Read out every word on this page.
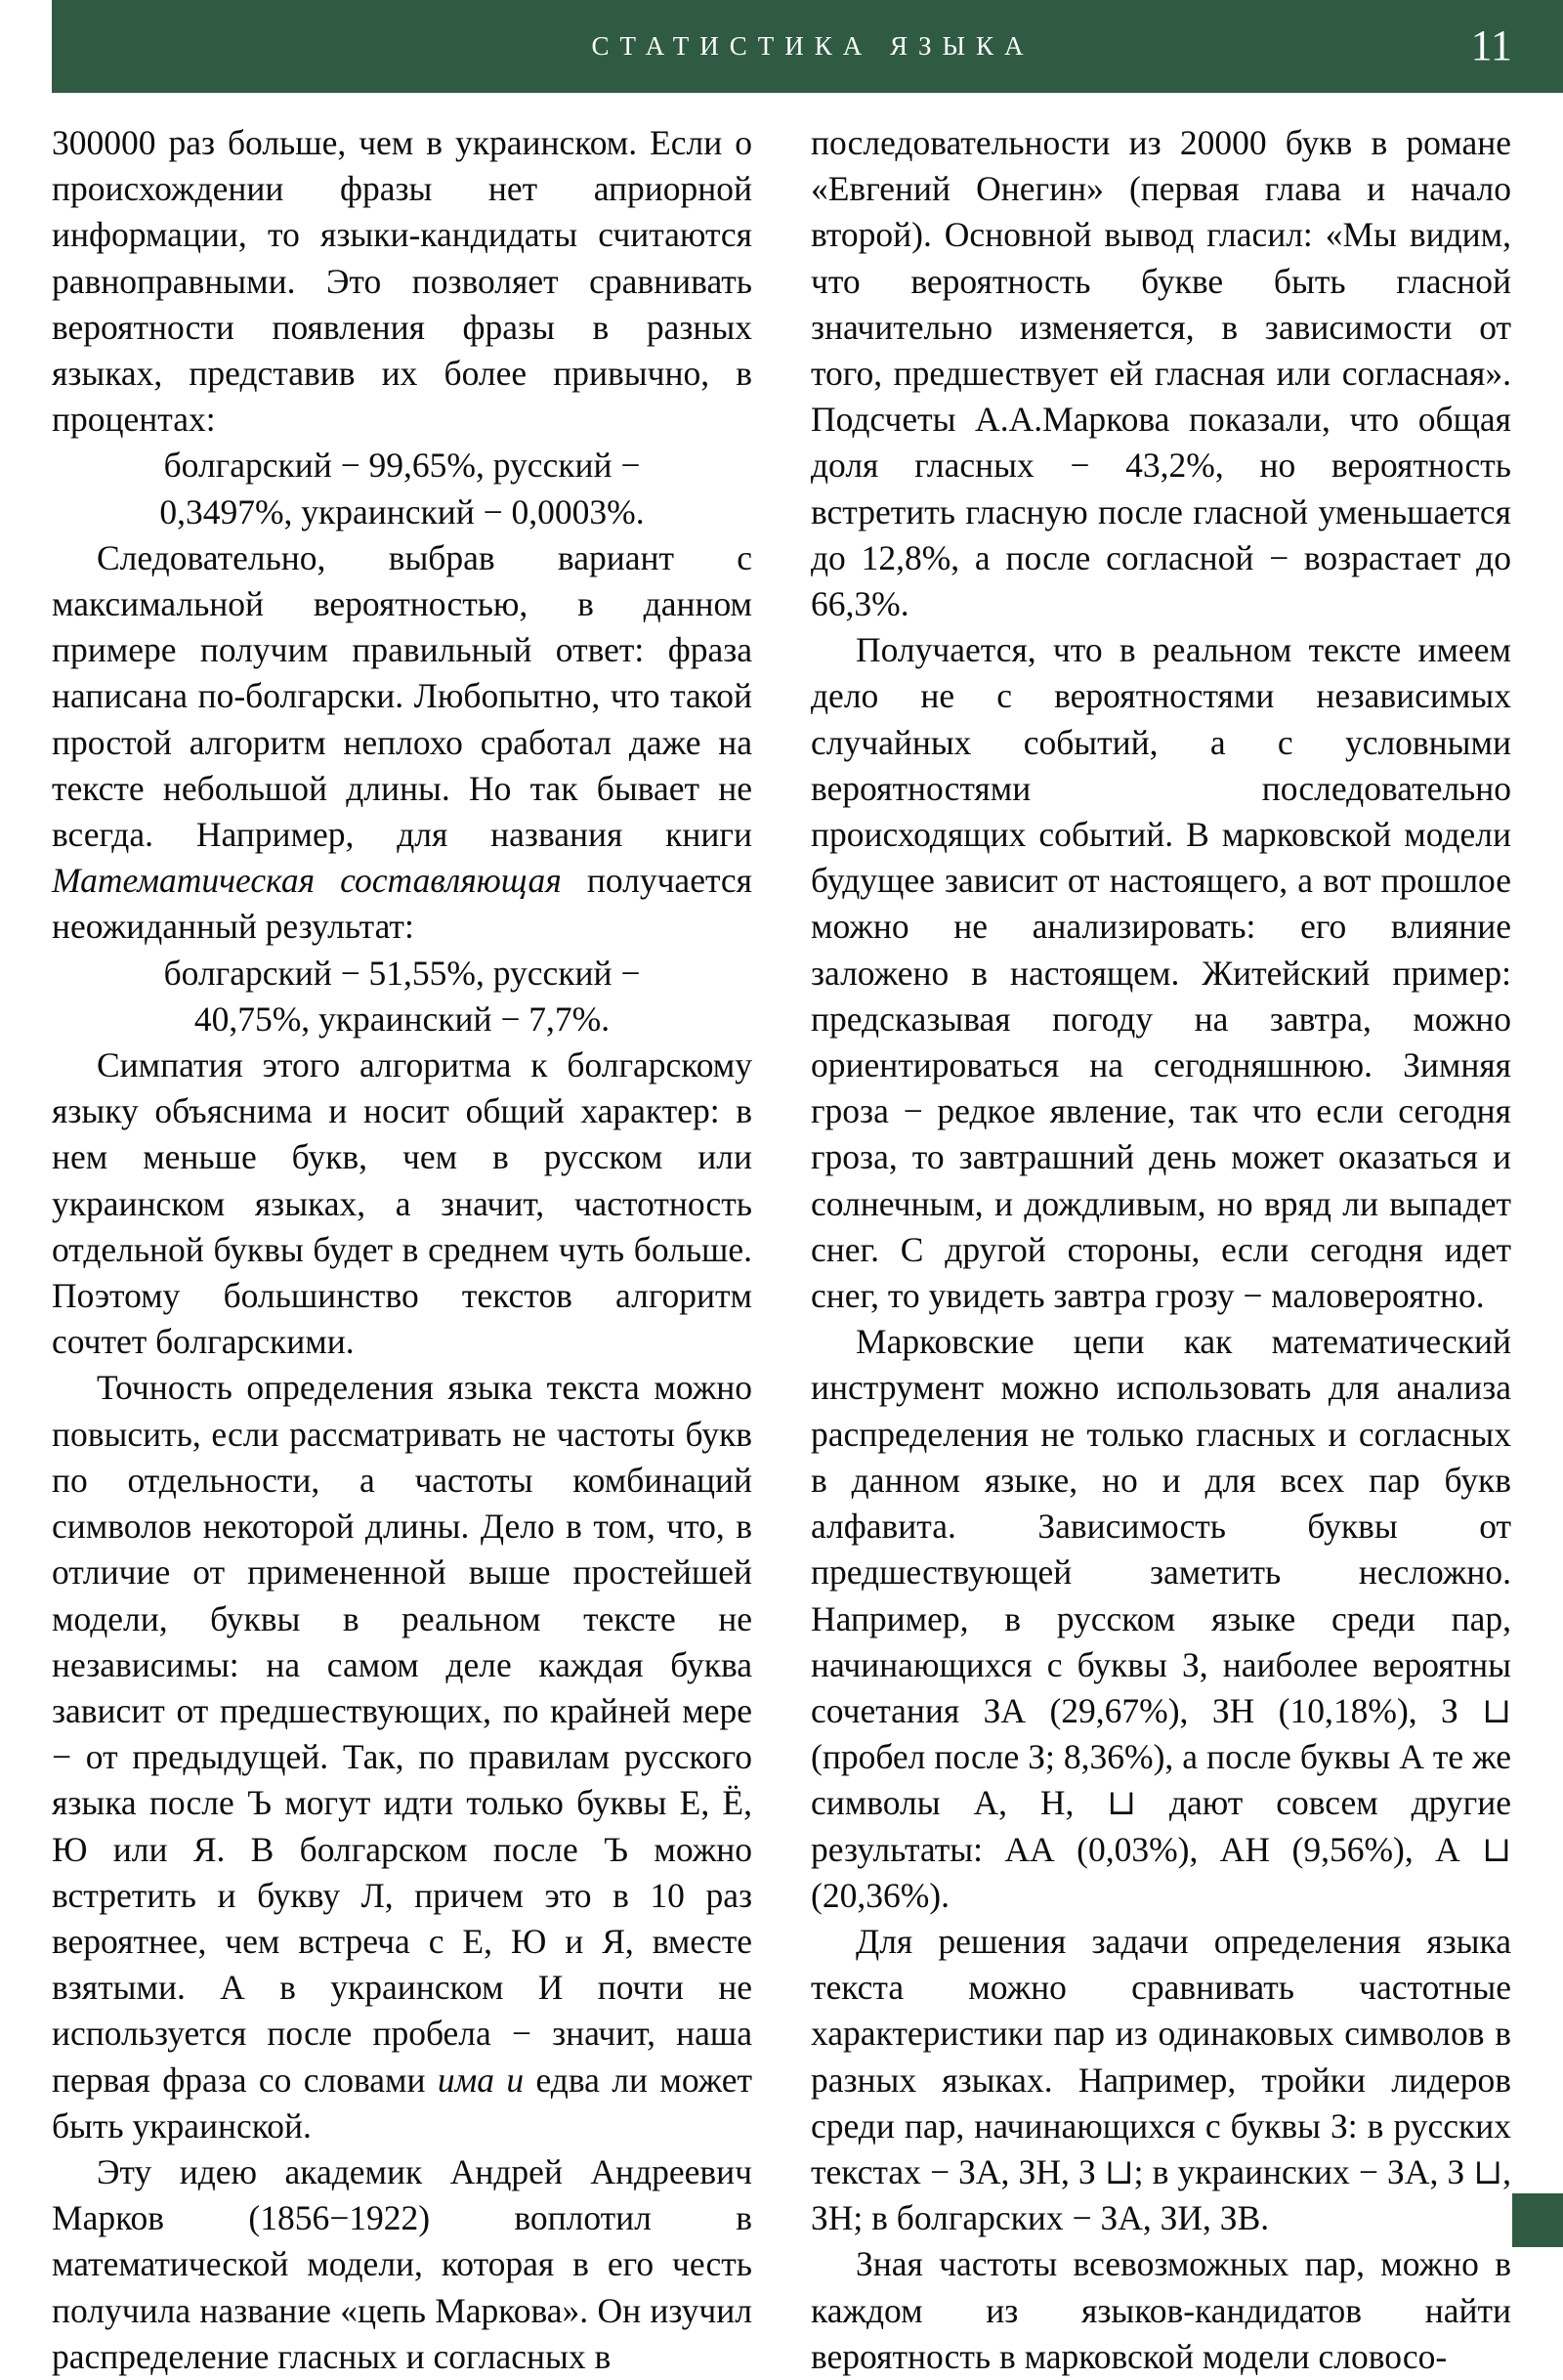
СТАТИСТИКА ЯЗЫКА	11

300000 раз больше, чем в украинском. Если о происхождении фразы нет априорной информации, то языки-кандидаты считаются равноправными. Это позволяет сравнивать вероятности появления фразы в разных языках, представив их более привычно, в процентах:

болгарский − 99,65%, русский −

0,3497%, украинский − 0,0003%.

Следовательно, выбрав вариант с максимальной вероятностью, в данном примере получим правильный ответ: фраза написана по-болгарски. Любопытно, что такой простой алгоритм неплохо сработал даже на тексте небольшой длины. Но так бывает не всегда. Например, для названия книги Математическая составляющая получается неожиданный результат:

болгарский − 51,55%, русский −

40,75%, украинский − 7,7%.

Симпатия этого алгоритма к болгарскому языку объяснима и носит общий характер: в нем меньше букв, чем в русском или украинском языках, а значит, частотность отдельной буквы будет в среднем чуть больше. Поэтому большинство текстов алгоритм сочтет болгарскими.

Точность определения языка текста можно повысить, если рассматривать не частоты букв по отдельности, а частоты комбинаций символов некоторой длины. Дело в том, что, в отличие от примененной выше простейшей модели, буквы в реальном тексте не независимы: на самом деле каждая буква зависит от предшествующих, по крайней мере − от предыдущей. Так, по правилам русского языка после Ъ могут идти только буквы Е, Ё, Ю или Я. В болгарском после Ъ можно встретить и букву Л, причем это в 10 раз вероятнее, чем встреча с Е, Ю и Я, вместе взятыми. А в украинском И почти не используется после пробела − значит, наша первая фраза со словами има и едва ли может быть украинской.

Эту идею академик Андрей Андреевич Марков (1856−1922) воплотил в математической модели, которая в его честь получила название «цепь Маркова». Он изучил распределение гласных и согласных в

последовательности из 20000 букв в романе «Евгений Онегин» (первая глава и начало второй). Основной вывод гласил: «Мы видим, что вероятность букве быть гласной значительно изменяется, в зависимости от того, предшествует ей гласная или согласная». Подсчеты А.А.Маркова показали, что общая доля гласных − 43,2%, но вероятность встретить гласную после гласной уменьшается до 12,8%, а после согласной − возрастает до 66,3%.

Получается, что в реальном тексте имеем дело не с вероятностями независимых случайных событий, а с условными вероятностями последовательно происходящих событий. В марковской модели будущее зависит от настоящего, а вот прошлое можно не анализировать: его влияние заложено в настоящем. Житейский пример: предсказывая погоду на завтра, можно ориентироваться на сегодняшнюю. Зимняя гроза − редкое явление, так что если сегодня гроза, то завтрашний день может оказаться и солнечным, и дождливым, но вряд ли выпадет снег. С другой стороны, если сегодня идет снег, то увидеть завтра грозу − маловероятно.

Марковские цепи как математический инструмент можно использовать для анализа распределения не только гласных и согласных в данном языке, но и для всех пар букв алфавита. Зависимость буквы от предшествующей заметить несложно. Например, в русском языке среди пар, начинающихся с буквы З, наиболее вероятны сочетания ЗА (29,67%), ЗН (10,18%), З ⊔ (пробел после З; 8,36%), а после буквы А те же символы А, Н, ⊔ дают совсем другие результаты: АА (0,03%), АН (9,56%), А ⊔ (20,36%).

Для решения задачи определения языка текста можно сравнивать частотные характеристики пар из одинаковых символов в разных языках. Например, тройки лидеров среди пар, начинающихся с буквы З: в русских текстах − ЗА, ЗН, З ⊔; в украинских − ЗА, З ⊔, ЗН; в болгарских − ЗА, ЗИ, ЗВ.

Зная частоты всевозможных пар, можно в каждом из языков-кандидатов найти вероятность в марковской модели словосо-
